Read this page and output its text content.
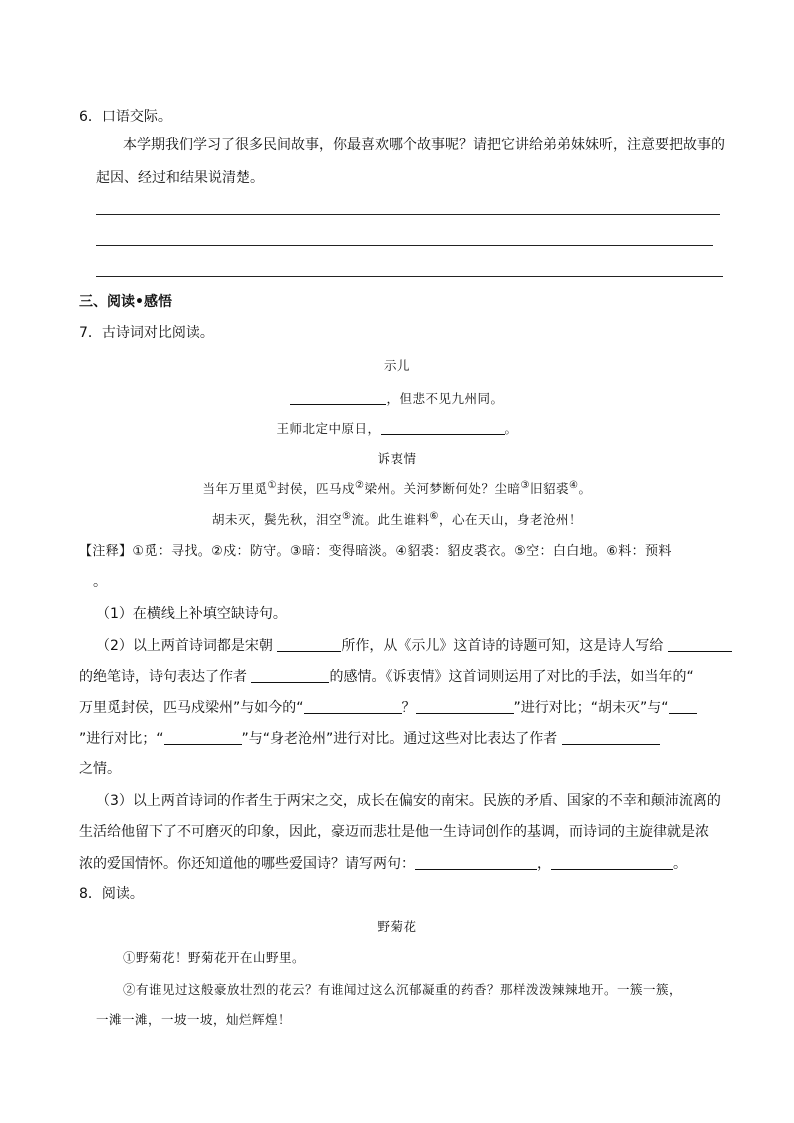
6．口语交际。
本学期我们学习了很多民间故事，你最喜欢哪个故事呢？请把它讲给弟弟妹妹听，注意要把故事的
起因、经过和结果说清楚。
三、阅读•感悟
7．古诗词对比阅读。
示儿
，但悲不见九州同。
王师北定中原日，	。
诉衷情
当年万里觅①封侯，匹马戍②梁州。关河梦断何处？尘暗③旧貂裘④。
胡未灭，鬓先秋，泪空⑤流。此生谁料⑥，心在天山，身老沧州！
【注释】①觅：寻找。②戍：防守。③暗：变得暗淡。④貂裘：貂皮裘衣。⑤空：白白地。⑥料：预料
。
（1）在横线上补填空缺诗句。
（2）以上两首诗词都是宋朝	所作，从《示儿》这首诗的诗题可知，这是诗人写给
的绝笔诗，诗句表达了作者	的感情。《诉衷情》这首词则运用了对比的手法，如当年的“
万里觅封侯，匹马戍梁州”与如今的“	？	”进行对比；“胡未灭”与“
”进行对比；“	”与“身老沧州”进行对比。通过这些对比表达了作者
之情。
（3）以上两首诗词的作者生于两宋之交，成长在偏安的南宋。民族的矛盾、国家的不幸和颠沛流离的
生活给他留下了不可磨灭的印象，因此，豪迈而悲壮是他一生诗词创作的基调，而诗词的主旋律就是浓
浓的爱国情怀。你还知道他的哪些爱国诗？请写两句：	，	。
8．阅读。
野菊花
①野菊花！野菊花开在山野里。
②有谁见过这般豪放壮烈的花云？有谁闻过这么沉郁凝重的药香？那样泼泼辣辣地开。一簇一簇，
一滩一滩，一坡一坡，灿烂辉煌！
